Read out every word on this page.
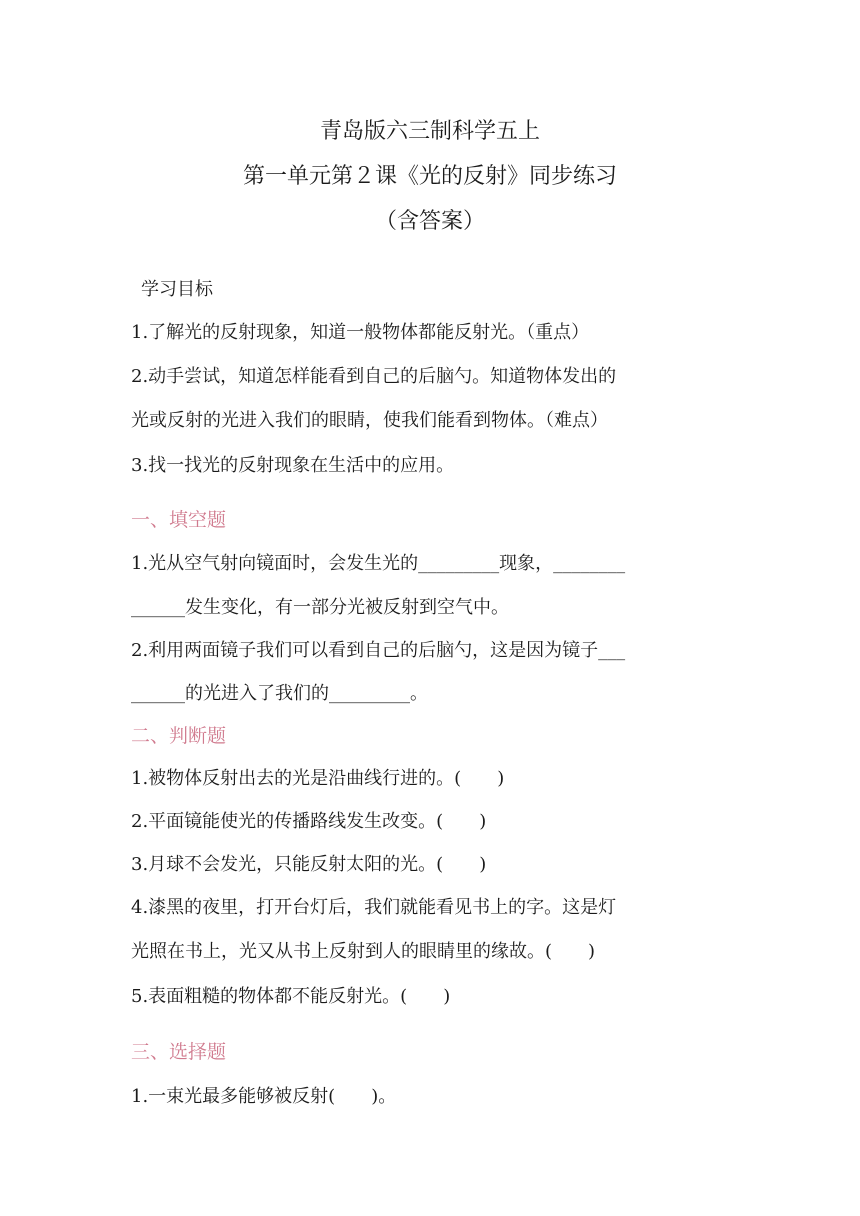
青岛版六三制科学五上
第一单元第２课《光的反射》同步练习
（含答案）
学习目标
1.了解光的反射现象，知道一般物体都能反射光。（重点）
2.动手尝试，知道怎样能看到自己的后脑勺。知道物体发出的
光或反射的光进入我们的眼睛，使我们能看到物体。（难点）
3.找一找光的反射现象在生活中的应用。
一、填空题
1.光从空气射向镜面时，会发生光的_________现象，________
______发生变化，有一部分光被反射到空气中。
2.利用两面镜子我们可以看到自己的后脑勺，这是因为镜子___
______的光进入了我们的_________。
二、判断题
1.被物体反射出去的光是沿曲线行进的。(　　)
2.平面镜能使光的传播路线发生改变。(　　)
3.月球不会发光，只能反射太阳的光。(　　)
4.漆黑的夜里，打开台灯后，我们就能看见书上的字。这是灯
光照在书上，光又从书上反射到人的眼睛里的缘故。(　　)
5.表面粗糙的物体都不能反射光。(　　)
三、选择题
1.一束光最多能够被反射(　　)。
